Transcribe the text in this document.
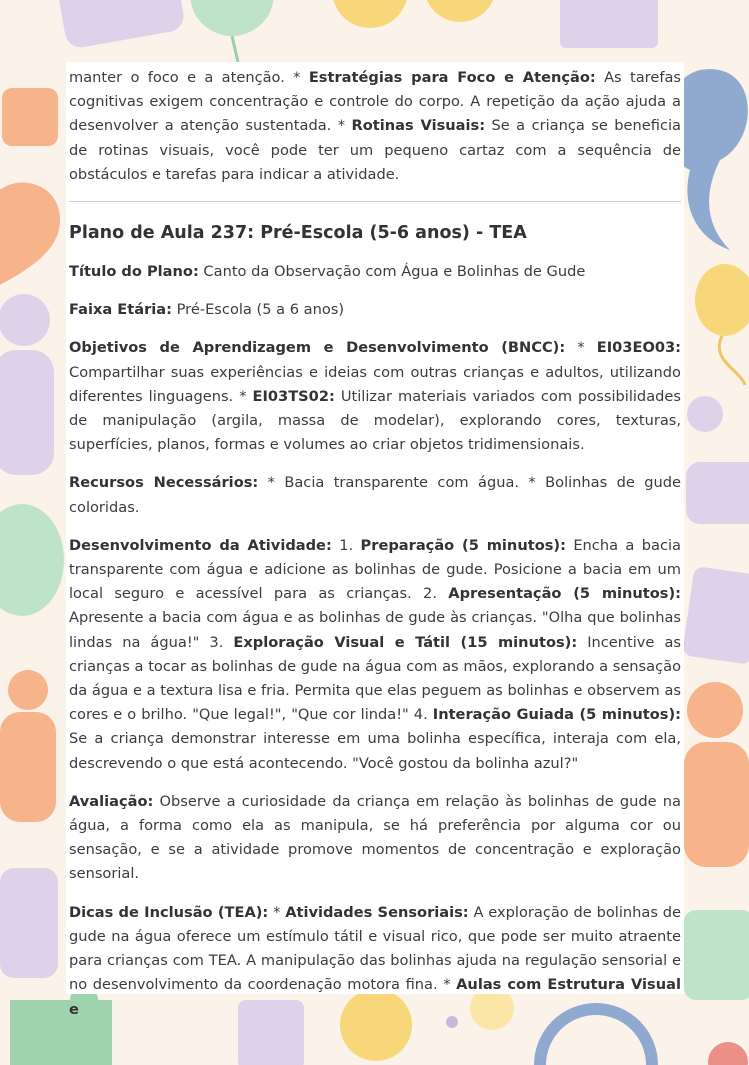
manter o foco e a atenção. * Estratégias para Foco e Atenção: As tarefas cognitivas exigem concentração e controle do corpo. A repetição da ação ajuda a desenvolver a atenção sustentada. * Rotinas Visuais: Se a criança se beneficia de rotinas visuais, você pode ter um pequeno cartaz com a sequência de obstáculos e tarefas para indicar a atividade.

Plano de Aula 237: Pré-Escola (5-6 anos) - TEA

Título do Plano: Canto da Observação com Água e Bolinhas de Gude

Faixa Etária: Pré-Escola (5 a 6 anos)

Objetivos de Aprendizagem e Desenvolvimento (BNCC): * EI03EO03: Compartilhar suas experiências e ideias com outras crianças e adultos, utilizando diferentes linguagens. * EI03TS02: Utilizar materiais variados com possibilidades de manipulação (argila, massa de modelar), explorando cores, texturas, superfícies, planos, formas e volumes ao criar objetos tridimensionais.

Recursos Necessários: * Bacia transparente com água. * Bolinhas de gude coloridas.

Desenvolvimento da Atividade: 1. Preparação (5 minutos): Encha a bacia transparente com água e adicione as bolinhas de gude. Posicione a bacia em um local seguro e acessível para as crianças. 2. Apresentação (5 minutos): Apresente a bacia com água e as bolinhas de gude às crianças. "Olha que bolinhas lindas na água!" 3. Exploração Visual e Tátil (15 minutos): Incentive as crianças a tocar as bolinhas de gude na água com as mãos, explorando a sensação da água e a textura lisa e fria. Permita que elas peguem as bolinhas e observem as cores e o brilho. "Que legal!", "Que cor linda!" 4. Interação Guiada (5 minutos): Se a criança demonstrar interesse em uma bolinha específica, interaja com ela, descrevendo o que está acontecendo. "Você gostou da bolinha azul?"

Avaliação: Observe a curiosidade da criança em relação às bolinhas de gude na água, a forma como ela as manipula, se há preferência por alguma cor ou sensação, e se a atividade promove momentos de concentração e exploração sensorial.

Dicas de Inclusão (TEA): * Atividades Sensoriais: A exploração de bolinhas de gude na água oferece um estímulo tátil e visual rico, que pode ser muito atraente para crianças com TEA. A manipulação das bolinhas ajuda na regulação sensorial e no desenvolvimento da coordenação motora fina. * Aulas com Estrutura Visual e
